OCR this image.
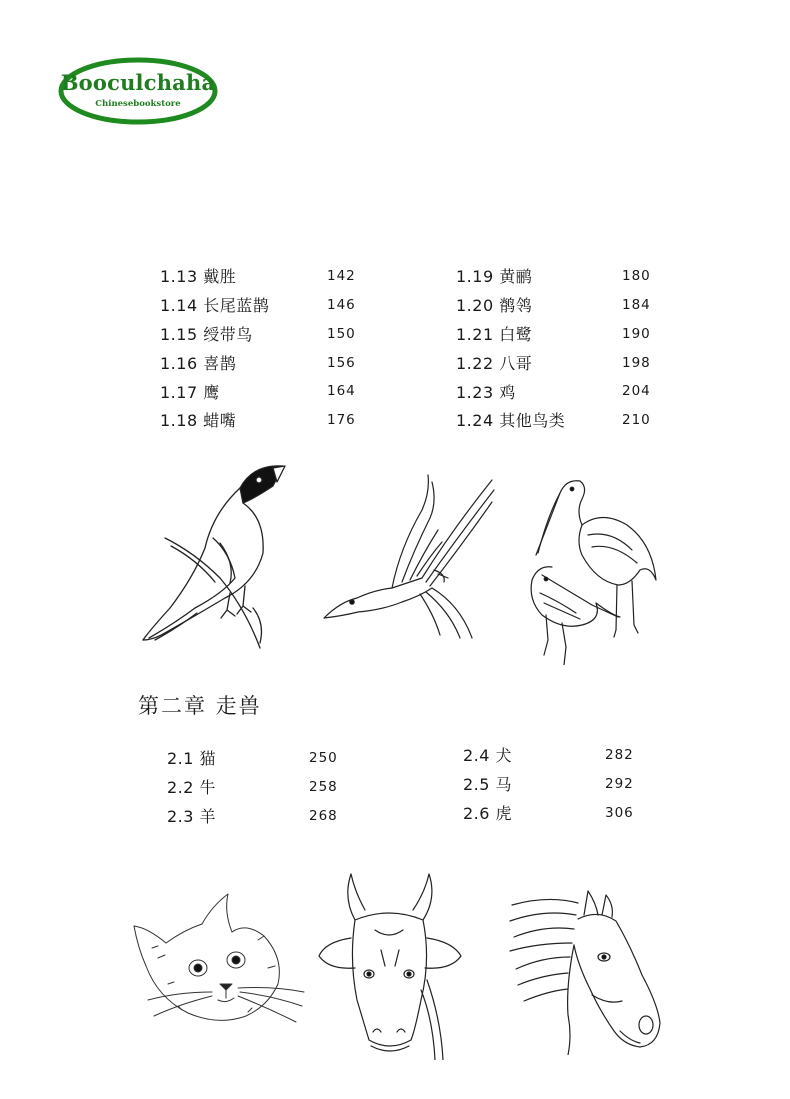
Booculchaha
Chinesebookstore
1.13 戴胜	142
1.14 长尾蓝鹊	146
1.15 绶带鸟	150
1.16 喜鹊	156
1.17 鹰	164
1.18 蜡嘴	176
1.19 黄鹂	180
1.20 鹡鸰	184
1.21 白鹭	190
1.22 八哥	198
1.23 鸡	204
1.24 其他鸟类	210
第二章 走兽
2.1 猫	250
2.2 牛	258
2.3 羊	268
2.4 犬	282
2.5 马	292
2.6 虎	306
